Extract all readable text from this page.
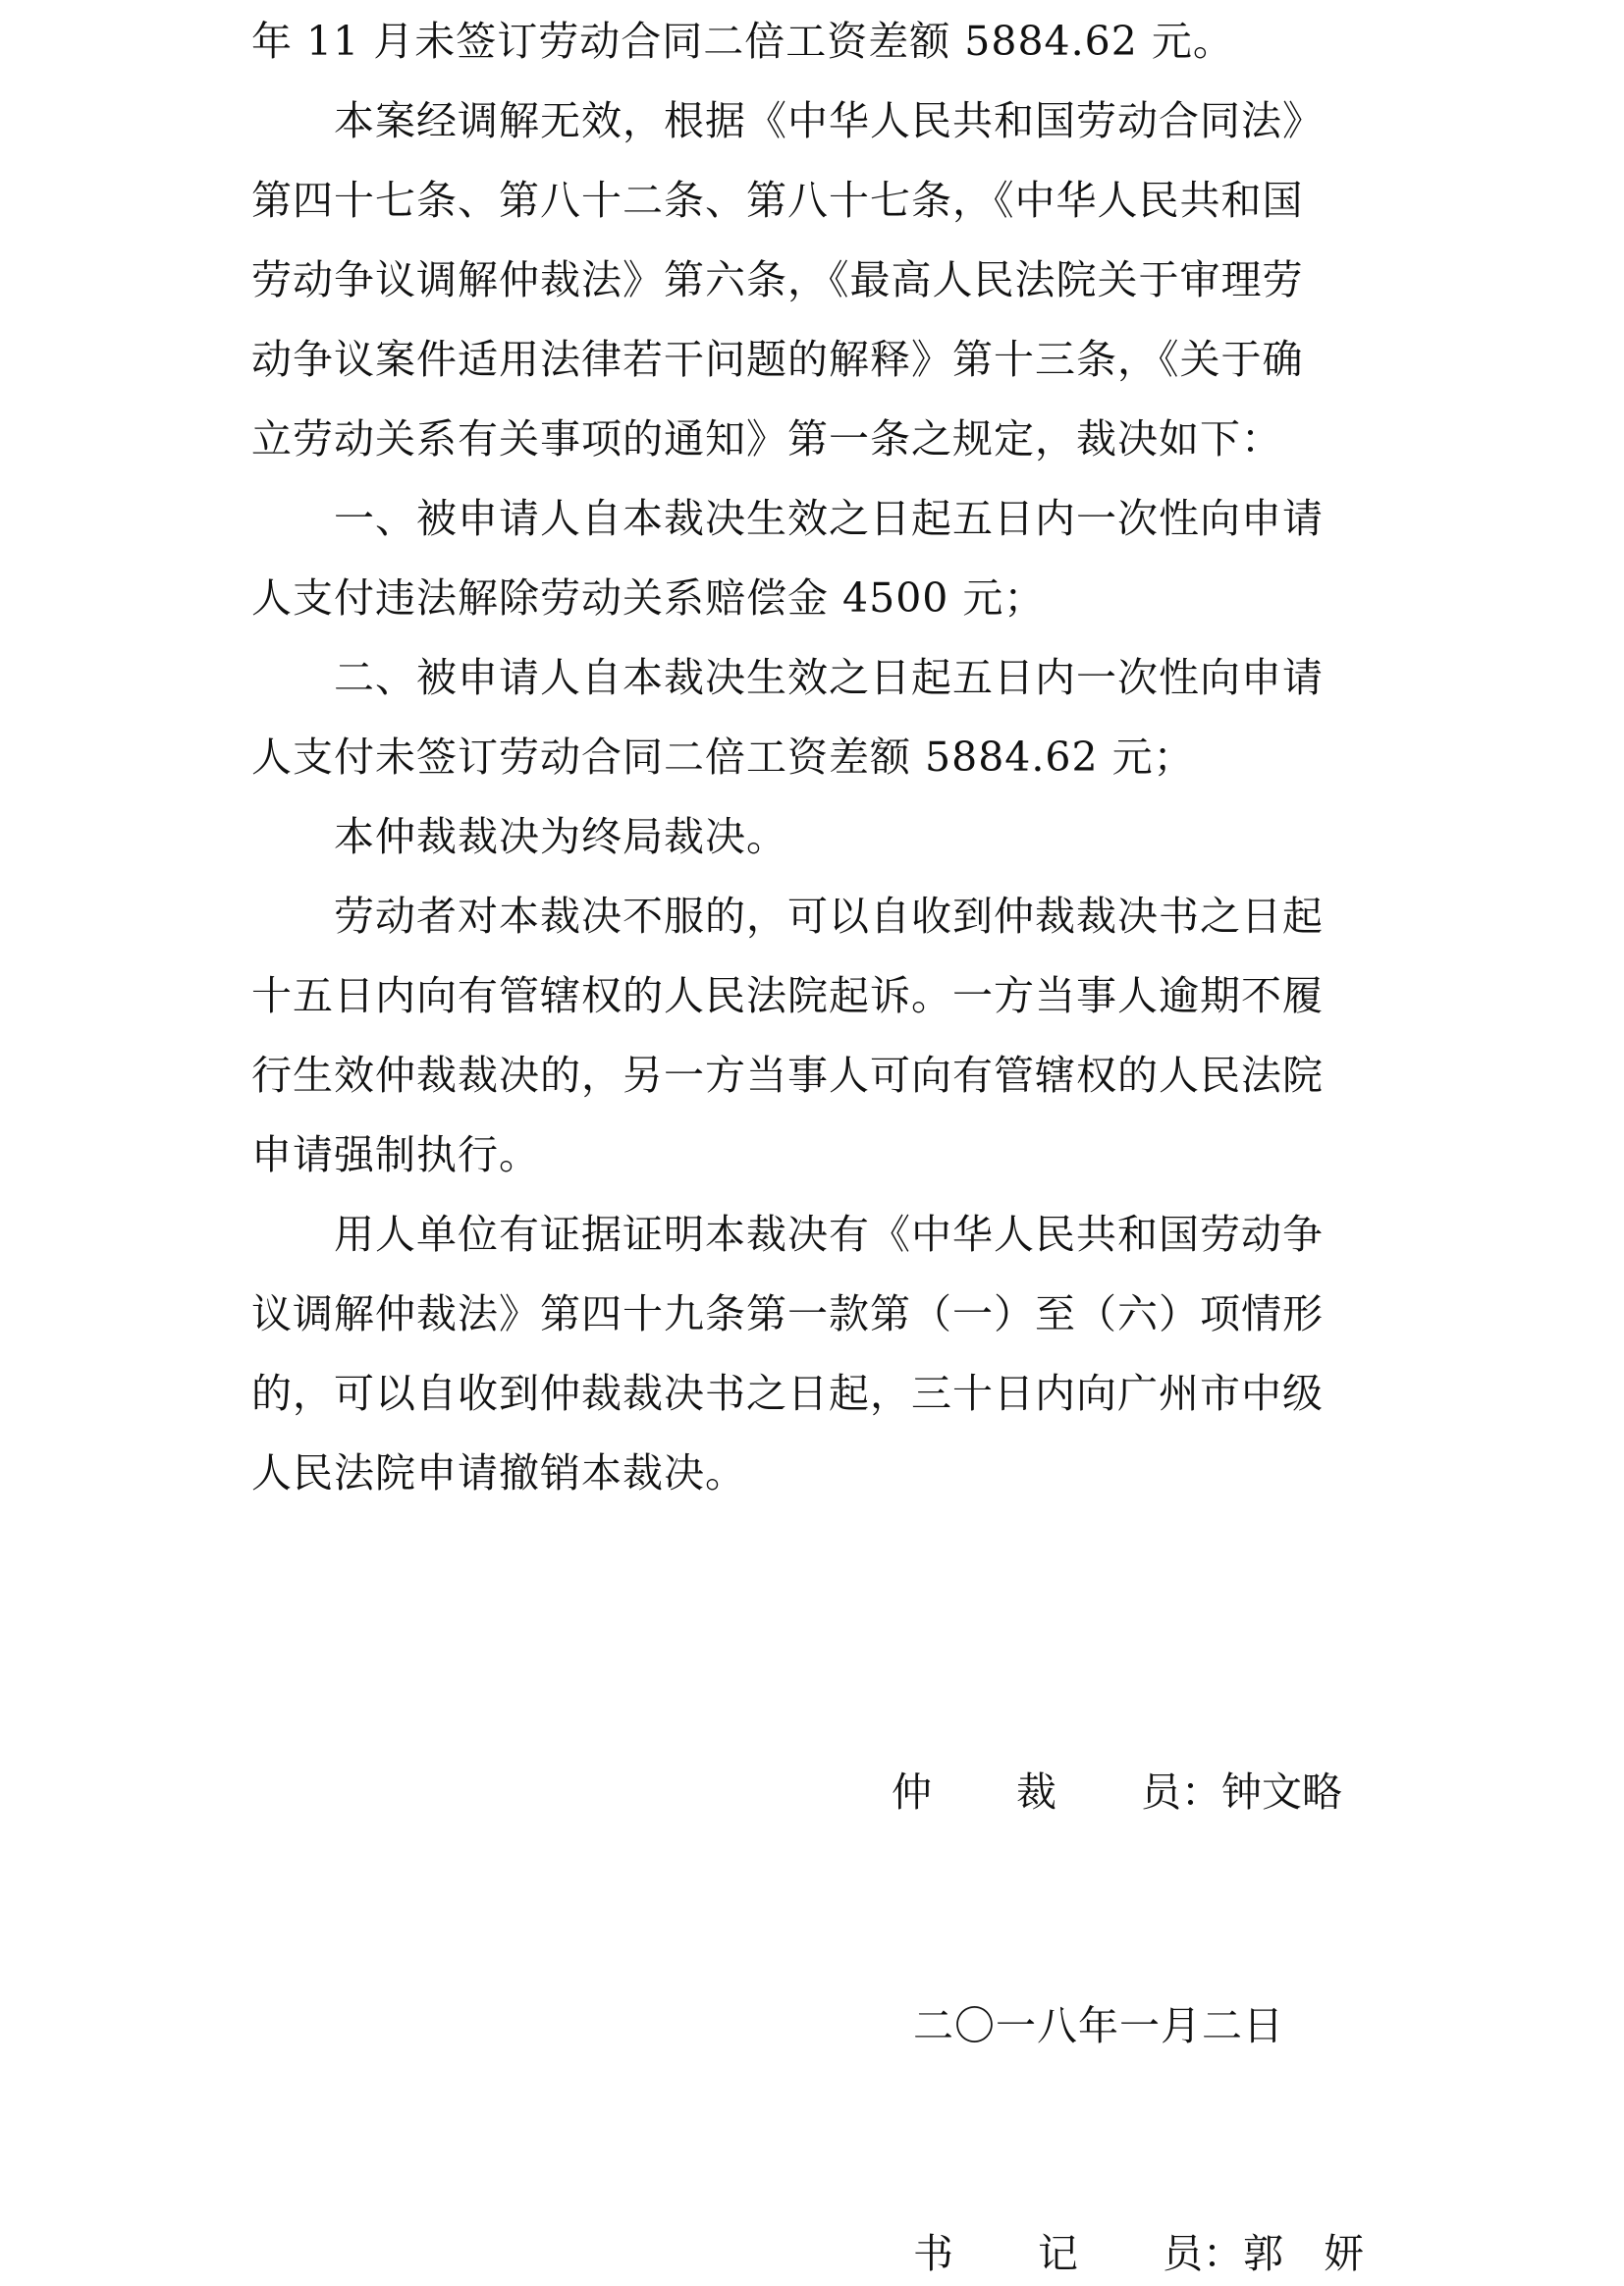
年 11 月未签订劳动合同二倍工资差额 5884.62 元。
本案经调解无效，根据《中华人民共和国劳动合同法》
第四十七条、第八十二条、第八十七条，《中华人民共和国
劳动争议调解仲裁法》第六条，《最高人民法院关于审理劳
动争议案件适用法律若干问题的解释》第十三条，《关于确
立劳动关系有关事项的通知》第一条之规定，裁决如下：
一、被申请人自本裁决生效之日起五日内一次性向申请
人支付违法解除劳动关系赔偿金 4500 元；
二、被申请人自本裁决生效之日起五日内一次性向申请
人支付未签订劳动合同二倍工资差额 5884.62 元；
本仲裁裁决为终局裁决。
劳动者对本裁决不服的，可以自收到仲裁裁决书之日起
十五日内向有管辖权的人民法院起诉。一方当事人逾期不履
行生效仲裁裁决的，另一方当事人可向有管辖权的人民法院
申请强制执行。
用人单位有证据证明本裁决有《中华人民共和国劳动争
议调解仲裁法》第四十九条第一款第（一）至（六）项情形
的，可以自收到仲裁裁决书之日起，三十日内向广州市中级
人民法院申请撤销本裁决。
仲 裁 员：钟文略
二〇一八年一月二日
书 记 员：郭　妍
